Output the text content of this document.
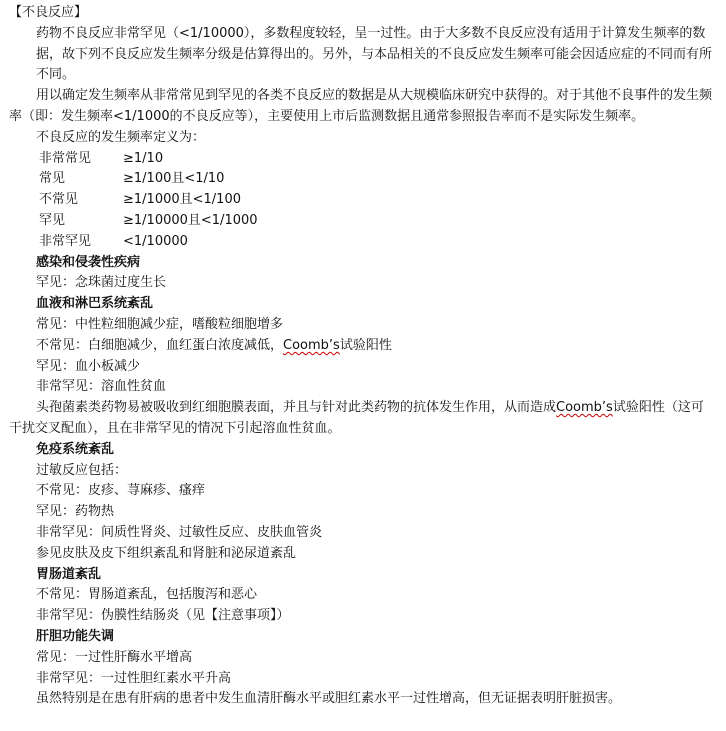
【不良反应】
药物不良反应非常罕见（<1/10000），多数程度较轻，呈一过性。由于大多数不良反应没有适用于计算发生频率的数据，故下列不良反应发生频率分级是估算得出的。另外，与本品相关的不良反应发生频率可能会因适应症的不同而有所不同。
用以确定发生频率从非常常见到罕见的各类不良反应的数据是从大规模临床研究中获得的。对于其他不良事件的发生频率（即：发生频率<1/1000的不良反应等），主要使用上市后监测数据且通常参照报告率而不是实际发生频率。
不良反应的发生频率定义为：
非常常见 ≥1/10
常见	≥1/100且<1/10
不常见	≥1/1000且<1/100
罕见	≥1/10000且<1/1000
非常罕见 <1/10000
感染和侵袭性疾病
罕见：念珠菌过度生长
血液和淋巴系统紊乱
常见：中性粒细胞减少症，嗜酸粒细胞增多
不常见：白细胞减少，血红蛋白浓度减低，Coomb’s试验阳性
罕见：血小板减少
非常罕见：溶血性贫血
头孢菌素类药物易被吸收到红细胞膜表面，并且与针对此类药物的抗体发生作用，从而造成Coomb’s试验阳性（这可干扰交叉配血），且在非常罕见的情况下引起溶血性贫血。
免疫系统紊乱
过敏反应包括：
不常见：皮疹、荨麻疹、瘙痒
罕见：药物热
非常罕见：间质性肾炎、过敏性反应、皮肤血管炎
参见皮肤及皮下组织紊乱和肾脏和泌尿道紊乱
胃肠道紊乱
不常见：胃肠道紊乱，包括腹泻和恶心
非常罕见：伪膜性结肠炎（见【注意事项】）
肝胆功能失调
常见：一过性肝酶水平增高
非常罕见：一过性胆红素水平升高
虽然特别是在患有肝病的患者中发生血清肝酶水平或胆红素水平一过性增高，但无证据表明肝脏损害。
